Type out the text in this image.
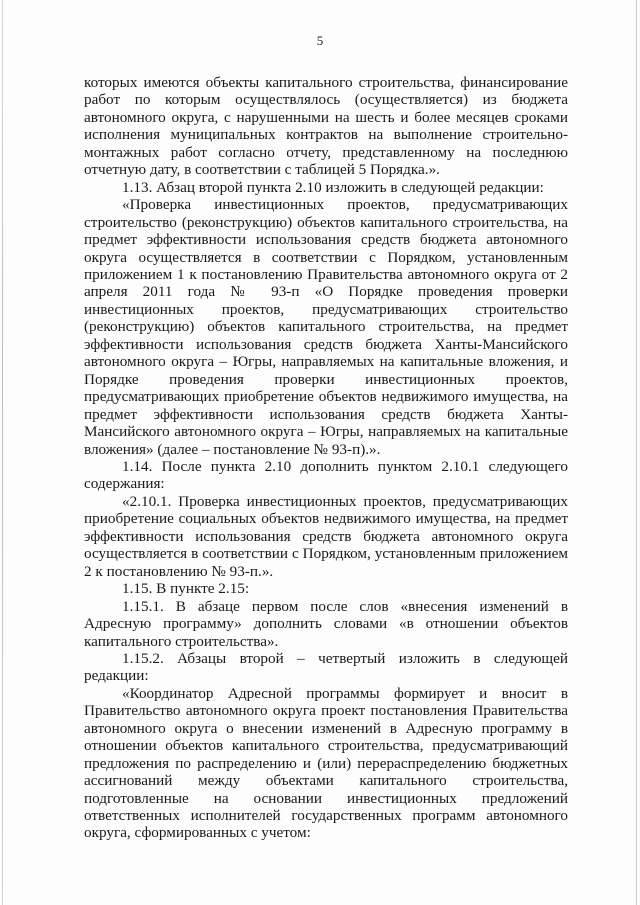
5

которых имеются объекты капитального строительства, финансирование работ по которым осуществлялось (осуществляется) из бюджета автономного округа, с нарушенными на шесть и более месяцев сроками исполнения муниципальных контрактов на выполнение строительно-монтажных работ согласно отчету, представленному на последнюю отчетную дату, в соответствии с таблицей 5 Порядка.».

1.13. Абзац второй пункта 2.10 изложить в следующей редакции:

«Проверка инвестиционных проектов, предусматривающих строительство (реконструкцию) объектов капитального строительства, на предмет эффективности использования средств бюджета автономного округа осуществляется в соответствии с Порядком, установленным приложением 1 к постановлению Правительства автономного округа от 2 апреля 2011 года № 93-п «О Порядке проведения проверки инвестиционных проектов, предусматривающих строительство (реконструкцию) объектов капитального строительства, на предмет эффективности использования средств бюджета Ханты-Мансийского автономного округа – Югры, направляемых на капитальные вложения, и Порядке проведения проверки инвестиционных проектов, предусматривающих приобретение объектов недвижимого имущества, на предмет эффективности использования средств бюджета Ханты-Мансийского автономного округа – Югры, направляемых на капитальные вложения» (далее – постановление № 93-п).».

1.14. После пункта 2.10 дополнить пунктом 2.10.1 следующего содержания:

«2.10.1. Проверка инвестиционных проектов, предусматривающих приобретение социальных объектов недвижимого имущества, на предмет эффективности использования средств бюджета автономного округа осуществляется в соответствии с Порядком, установленным приложением 2 к постановлению № 93-п.».

1.15. В пункте 2.15:

1.15.1. В абзаце первом после слов «внесения изменений в Адресную программу» дополнить словами «в отношении объектов капитального строительства».

1.15.2. Абзацы второй – четвертый изложить в следующей редакции:

«Координатор Адресной программы формирует и вносит в Правительство автономного округа проект постановления Правительства автономного округа о внесении изменений в Адресную программу в отношении объектов капитального строительства, предусматривающий предложения по распределению и (или) перераспределению бюджетных ассигнований между объектами капитального строительства, подготовленные на основании инвестиционных предложений ответственных исполнителей государственных программ автономного округа, сформированных с учетом:
